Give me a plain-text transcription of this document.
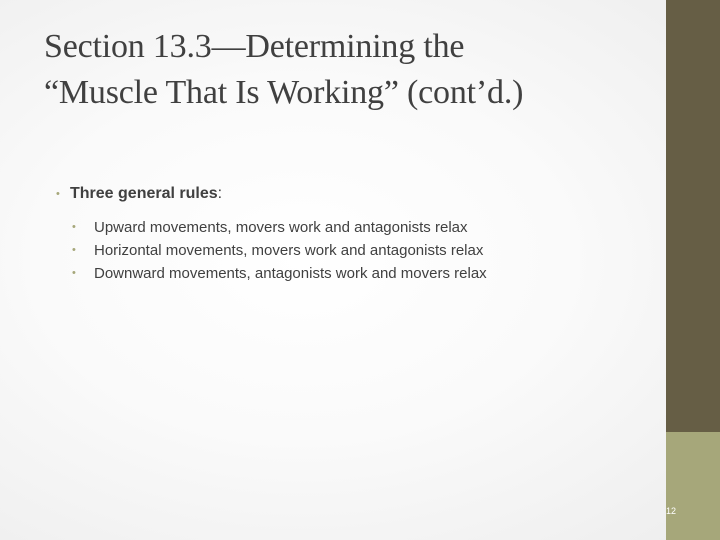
Section 13.3—Determining the
“Muscle That Is Working” (cont’d.)
• Three general rules:
• Upward movements, movers work and antagonists relax
• Horizontal movements, movers work and antagonists relax
• Downward movements, antagonists work and movers relax
12
